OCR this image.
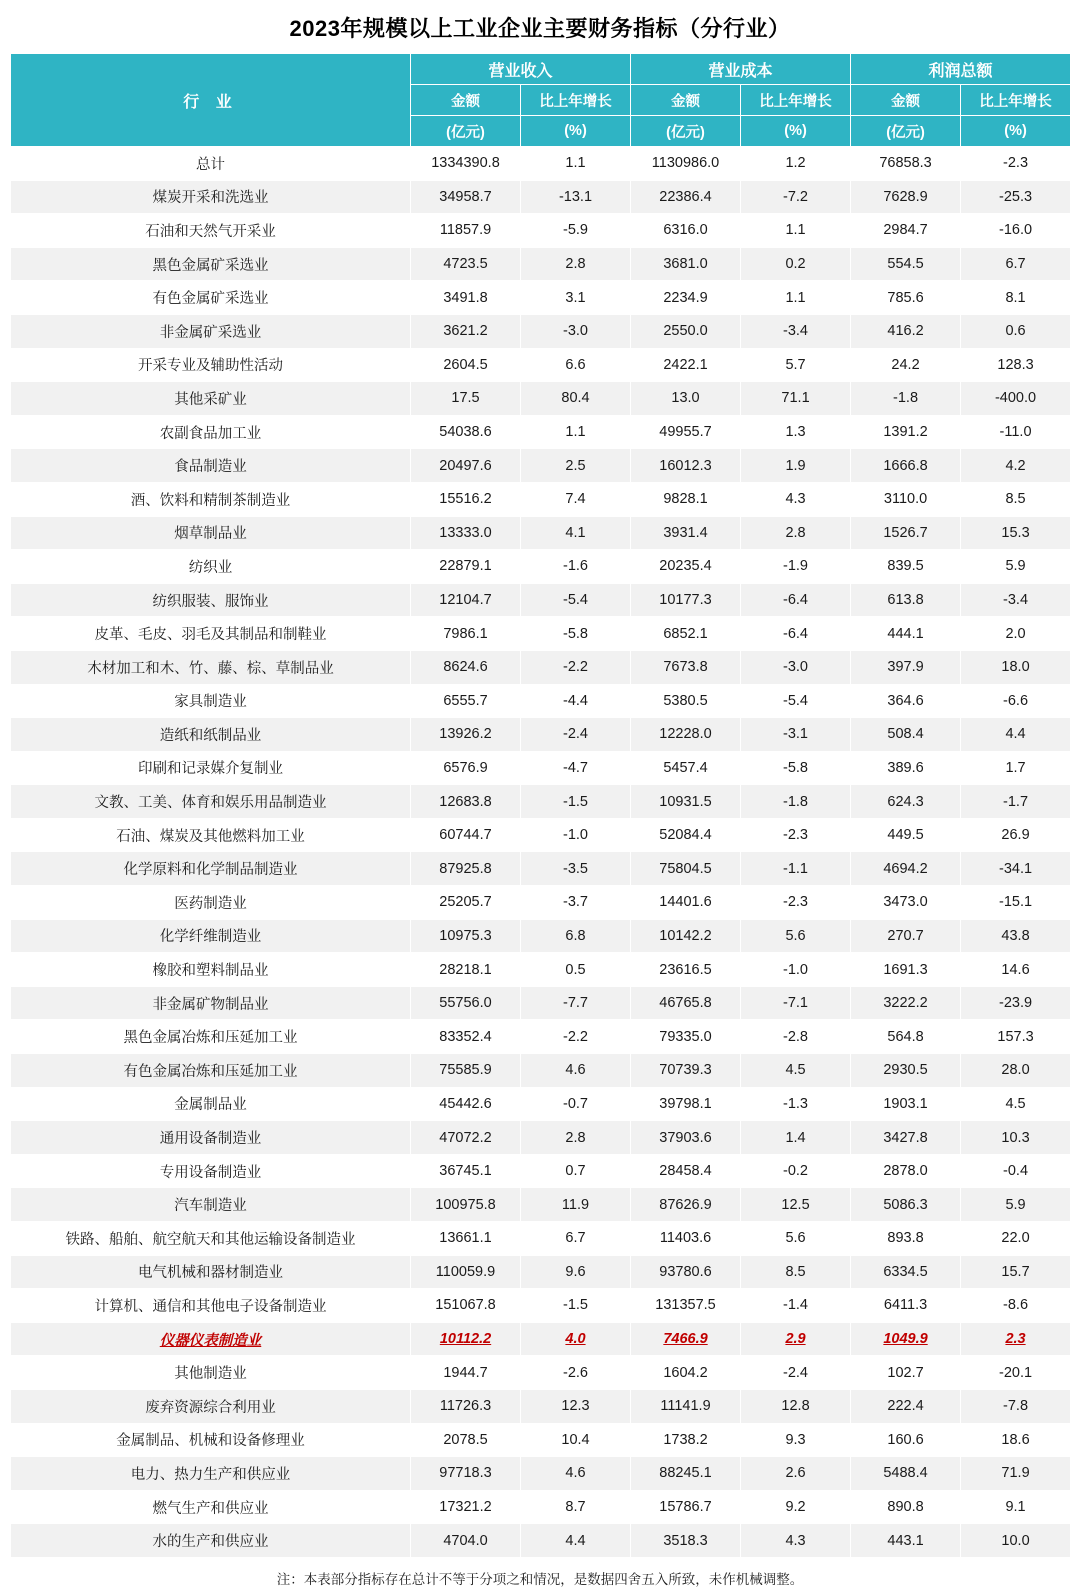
2023年规模以上工业企业主要财务指标（分行业）
行 业	营业收入		营业成本		利润总额	
	金额	比上年增长	金额	比上年增长	金额	比上年增长
	(亿元)	(%)	(亿元)	(%)	(亿元)	(%)
总计	1334390.8	1.1	1130986.0	1.2	76858.3	-2.3
煤炭开采和洗选业	34958.7	-13.1	22386.4	-7.2	7628.9	-25.3
石油和天然气开采业	11857.9	-5.9	6316.0	1.1	2984.7	-16.0
黑色金属矿采选业	4723.5	2.8	3681.0	0.2	554.5	6.7
有色金属矿采选业	3491.8	3.1	2234.9	1.1	785.6	8.1
非金属矿采选业	3621.2	-3.0	2550.0	-3.4	416.2	0.6
开采专业及辅助性活动	2604.5	6.6	2422.1	5.7	24.2	128.3
其他采矿业	17.5	80.4	13.0	71.1	-1.8	-400.0
农副食品加工业	54038.6	1.1	49955.7	1.3	1391.2	-11.0
食品制造业	20497.6	2.5	16012.3	1.9	1666.8	4.2
酒、饮料和精制茶制造业	15516.2	7.4	9828.1	4.3	3110.0	8.5
烟草制品业	13333.0	4.1	3931.4	2.8	1526.7	15.3
纺织业	22879.1	-1.6	20235.4	-1.9	839.5	5.9
纺织服装、服饰业	12104.7	-5.4	10177.3	-6.4	613.8	-3.4
皮革、毛皮、羽毛及其制品和制鞋业	7986.1	-5.8	6852.1	-6.4	444.1	2.0
木材加工和木、竹、藤、棕、草制品业	8624.6	-2.2	7673.8	-3.0	397.9	18.0
家具制造业	6555.7	-4.4	5380.5	-5.4	364.6	-6.6
造纸和纸制品业	13926.2	-2.4	12228.0	-3.1	508.4	4.4
印刷和记录媒介复制业	6576.9	-4.7	5457.4	-5.8	389.6	1.7
文教、工美、体育和娱乐用品制造业	12683.8	-1.5	10931.5	-1.8	624.3	-1.7
石油、煤炭及其他燃料加工业	60744.7	-1.0	52084.4	-2.3	449.5	26.9
化学原料和化学制品制造业	87925.8	-3.5	75804.5	-1.1	4694.2	-34.1
医药制造业	25205.7	-3.7	14401.6	-2.3	3473.0	-15.1
化学纤维制造业	10975.3	6.8	10142.2	5.6	270.7	43.8
橡胶和塑料制品业	28218.1	0.5	23616.5	-1.0	1691.3	14.6
非金属矿物制品业	55756.0	-7.7	46765.8	-7.1	3222.2	-23.9
黑色金属冶炼和压延加工业	83352.4	-2.2	79335.0	-2.8	564.8	157.3
有色金属冶炼和压延加工业	75585.9	4.6	70739.3	4.5	2930.5	28.0
金属制品业	45442.6	-0.7	39798.1	-1.3	1903.1	4.5
通用设备制造业	47072.2	2.8	37903.6	1.4	3427.8	10.3
专用设备制造业	36745.1	0.7	28458.4	-0.2	2878.0	-0.4
汽车制造业	100975.8	11.9	87626.9	12.5	5086.3	5.9
铁路、船舶、航空航天和其他运输设备制造业	13661.1	6.7	11403.6	5.6	893.8	22.0
电气机械和器材制造业	110059.9	9.6	93780.6	8.5	6334.5	15.7
计算机、通信和其他电子设备制造业	151067.8	-1.5	131357.5	-1.4	6411.3	-8.6
仪器仪表制造业	10112.2	4.0	7466.9	2.9	1049.9	2.3
其他制造业	1944.7	-2.6	1604.2	-2.4	102.7	-20.1
废弃资源综合利用业	11726.3	12.3	11141.9	12.8	222.4	-7.8
金属制品、机械和设备修理业	2078.5	10.4	1738.2	9.3	160.6	18.6
电力、热力生产和供应业	97718.3	4.6	88245.1	2.6	5488.4	71.9
燃气生产和供应业	17321.2	8.7	15786.7	9.2	890.8	9.1
水的生产和供应业	4704.0	4.4	3518.3	4.3	443.1	10.0
注：本表部分指标存在总计不等于分项之和情况，是数据四舍五入所致，未作机械调整。
